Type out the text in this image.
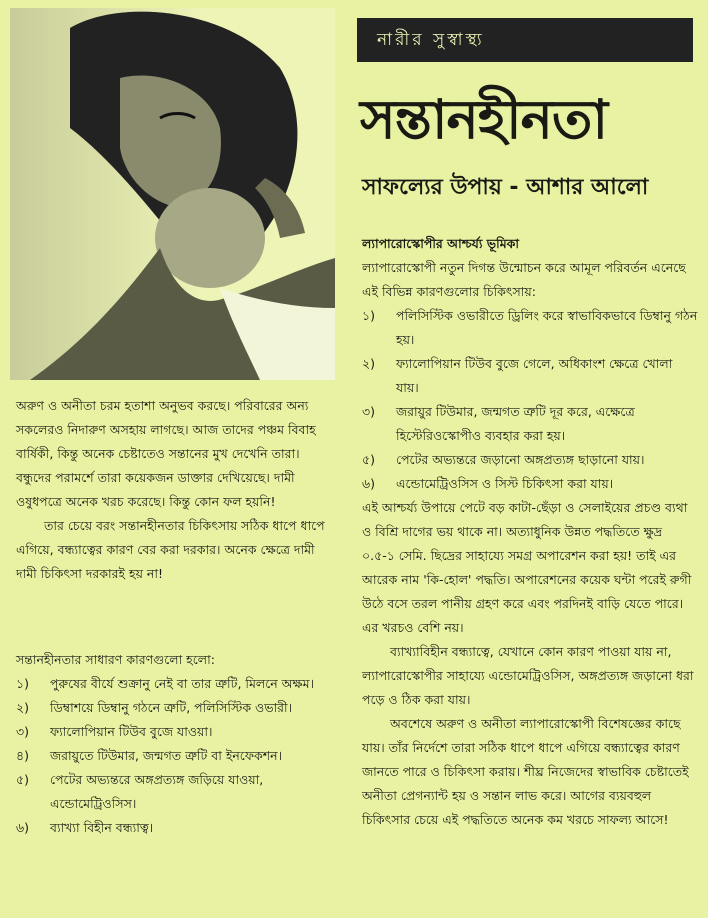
নারীর সুস্বাস্থ্য
সন্তানহীনতা
সাফল্যের উপায় - আশার আলো

অরুণ ও অনীতা চরম হতাশা অনুভব করছে। পরিবারের অন্য সকলেরও নিদারুণ অসহায় লাগছে। আজ তাদের পঞ্চম বিবাহ বার্ষিকী, কিন্তু অনেক চেষ্টাতেও সন্তানের মুখ দেখেনি তারা। বন্ধুদের পরামর্শে তারা কয়েকজন ডাক্তার দেখিয়েছে। দামী ওষুধপত্রে অনেক খরচ করেছে। কিন্তু কোন ফল হয়নি!

তার চেয়ে বরং সন্তানহীনতার চিকিৎসায় সঠিক ধাপে ধাপে এগিয়ে, বন্ধ্যাত্বের কারণ বের করা দরকার। অনেক ক্ষেত্রে দামী দামী চিকিৎসা দরকারই হয় না!

সন্তানহীনতার সাধারণ কারণগুলো হলো:

১)	পুরুষের বীর্যে শুক্রানু নেই বা তার ত্রুটি, মিলনে অক্ষম।
২)	ডিম্বাশয়ে ডিম্বানু গঠনে ত্রুটি, পলিসিস্টিক ওভারী।
৩)	ফ্যালোপিয়ান টিউব বুজে যাওয়া।
৪)	জরায়ুতে টিউমার, জন্মগত ত্রুটি বা ইনফেকশন।
৫)	পেটের অভ্যন্তরে অঙ্গপ্রত্যঙ্গ জড়িয়ে যাওয়া, এন্ডোমেট্রিওসিস।
৬)	ব্যাখ্যা বিহীন বন্ধ্যাত্ব।

ল্যাপারোস্কোপীর আশ্চর্য্য ভূমিকা

ল্যাপারোস্কোপী নতুন দিগন্ত উন্মোচন করে আমূল পরিবর্তন এনেছে এই বিভিন্ন কারণগুলোর চিকিৎসায়:

১)	পলিসিস্টিক ওভারীতে ড্রিলিং করে স্বাভাবিকভাবে ডিম্বানু গঠন হয়।
২)	ফ্যালোপিয়ান টিউব বুজে গেলে, অধিকাংশ ক্ষেত্রে খোলা যায়।
৩)	জরায়ুর টিউমার, জন্মগত ত্রুটি দূর করে, এক্ষেত্রে হিস্টেরিওস্কোপীও ব্যবহার করা হয়।
৫)	পেটের অভ্যন্তরে জড়ানো অঙ্গপ্রত্যঙ্গ ছাড়ানো যায়।
৬)	এন্ডোমেট্রিওসিস ও সিস্ট চিকিৎসা করা যায়।

এই আশ্চর্য্য উপায়ে পেটে বড় কাটা-ছেঁড়া ও সেলাইয়ের প্রচণ্ড ব্যথা ও বিশ্রি দাগের ভয় থাকে না। অত্যাধুনিক উন্নত পদ্ধতিতে ক্ষুদ্র ০.৫-১ সেমি. ছিদ্রের সাহায্যে সমগ্র অপারেশন করা হয়! তাই এর আরেক নাম 'কি-হোল' পদ্ধতি। অপারেশনের কয়েক ঘন্টা পরেই রুগী উঠে বসে তরল পানীয় গ্রহণ করে এবং পরদিনই বাড়ি যেতে পারে। এর খরচও বেশি নয়।

ব্যাখ্যাবিহীন বন্ধ্যাত্বে, যেখানে কোন কারণ পাওয়া যায় না, ল্যাপারোস্কোপীর সাহায্যে এন্ডোমেট্রিওসিস, অঙ্গপ্রত্যঙ্গ জড়ানো ধরা পড়ে ও ঠিক করা যায়।

অবশেষে অরুণ ও অনীতা ল্যাপারোস্কোপী বিশেষজ্ঞের কাছে যায়। তাঁর নির্দেশে তারা সঠিক ধাপে ধাপে এগিয়ে বন্ধ্যাত্বের কারণ জানতে পারে ও চিকিৎসা করায়। শীঘ্র নিজেদের স্বাভাবিক চেষ্টাতেই অনীতা প্রেগন্যান্ট হয় ও সন্তান লাভ করে। আগের ব্যয়বহুল চিকিৎসার চেয়ে এই পদ্ধতিতে অনেক কম খরচে সাফল্য আসে!
